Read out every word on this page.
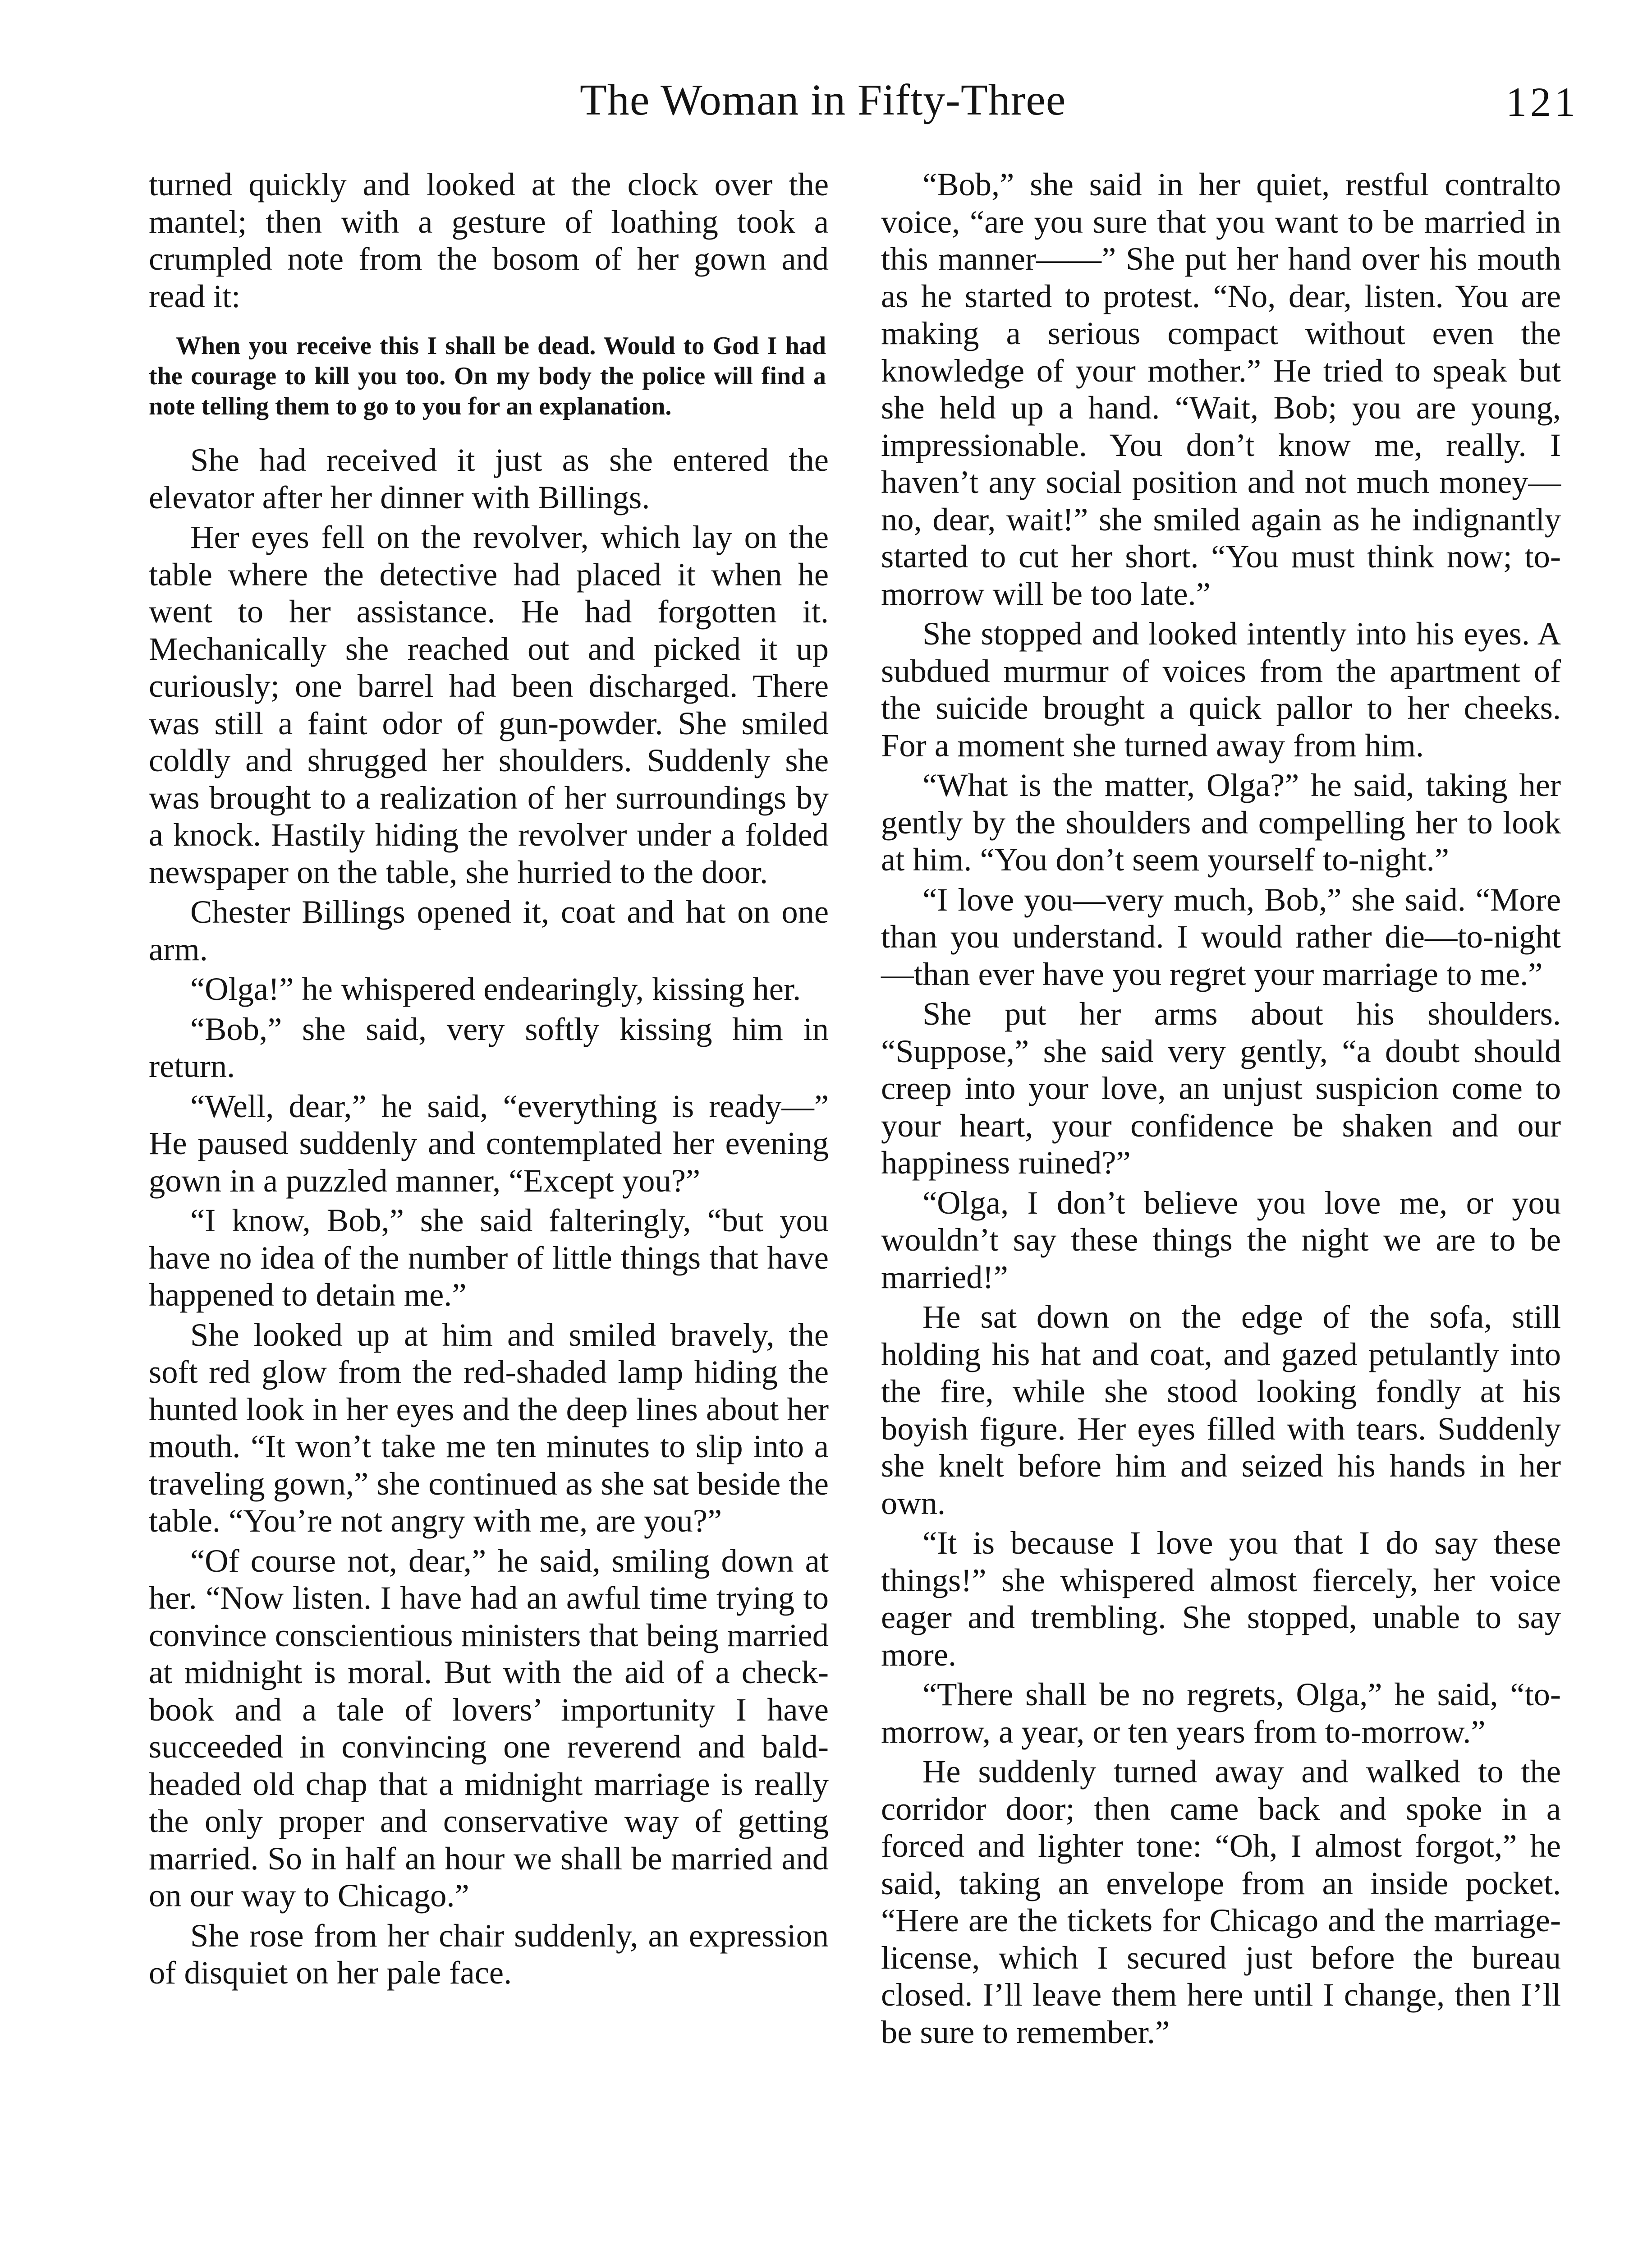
The Woman in Fifty-Three	121

turned quickly and looked at the clock over the mantel; then with a gesture of loathing took a crumpled note from the bosom of her gown and read it:

When you receive this I shall be dead. Would to God I had the courage to kill you too. On my body the police will find a note telling them to go to you for an explanation.

She had received it just as she entered the elevator after her dinner with Billings.

Her eyes fell on the revolver, which lay on the table where the detective had placed it when he went to her assistance. He had forgotten it. Mechanically she reached out and picked it up curiously; one barrel had been discharged. There was still a faint odor of gun-powder. She smiled coldly and shrugged her shoulders. Suddenly she was brought to a realization of her surroundings by a knock. Hastily hiding the revolver under a folded newspaper on the table, she hurried to the door.

Chester Billings opened it, coat and hat on one arm.

“Olga!” he whispered endearingly, kissing her.

“Bob,” she said, very softly kissing him in return.

“Well, dear,” he said, “everything is ready—” He paused suddenly and contemplated her evening gown in a puzzled manner, “Except you?”

“I know, Bob,” she said falteringly, “but you have no idea of the number of little things that have happened to detain me.”

She looked up at him and smiled bravely, the soft red glow from the red-shaded lamp hiding the hunted look in her eyes and the deep lines about her mouth. “It won’t take me ten minutes to slip into a traveling gown,” she continued as she sat beside the table. “You’re not angry with me, are you?”

“Of course not, dear,” he said, smiling down at her. “Now listen. I have had an awful time trying to convince conscientious ministers that being married at midnight is moral. But with the aid of a check-book and a tale of lovers’ importunity I have succeeded in convincing one reverend and bald-headed old chap that a midnight marriage is really the only proper and conservative way of getting married. So in half an hour we shall be married and on our way to Chicago.”

She rose from her chair suddenly, an expression of disquiet on her pale face.

“Bob,” she said in her quiet, restful contralto voice, “are you sure that you want to be married in this manner——” She put her hand over his mouth as he started to protest. “No, dear, listen. You are making a serious compact without even the knowledge of your mother.” He tried to speak but she held up a hand. “Wait, Bob; you are young, impressionable. You don’t know me, really. I haven’t any social position and not much money—no, dear, wait!” she smiled again as he indignantly started to cut her short. “You must think now; to-morrow will be too late.”

She stopped and looked intently into his eyes. A subdued murmur of voices from the apartment of the suicide brought a quick pallor to her cheeks. For a moment she turned away from him.

“What is the matter, Olga?” he said, taking her gently by the shoulders and compelling her to look at him. “You don’t seem yourself to-night.”

“I love you—very much, Bob,” she said. “More than you understand. I would rather die—to-night—than ever have you regret your marriage to me.”

She put her arms about his shoulders. “Suppose,” she said very gently, “a doubt should creep into your love, an unjust suspicion come to your heart, your confidence be shaken and our happiness ruined?”

“Olga, I don’t believe you love me, or you wouldn’t say these things the night we are to be married!”

He sat down on the edge of the sofa, still holding his hat and coat, and gazed petulantly into the fire, while she stood looking fondly at his boyish figure. Her eyes filled with tears. Suddenly she knelt before him and seized his hands in her own.

“It is because I love you that I do say these things!” she whispered almost fiercely, her voice eager and trembling. She stopped, unable to say more.

“There shall be no regrets, Olga,” he said, “to-morrow, a year, or ten years from to-morrow.”

He suddenly turned away and walked to the corridor door; then came back and spoke in a forced and lighter tone: “Oh, I almost forgot,” he said, taking an envelope from an inside pocket. “Here are the tickets for Chicago and the marriage-license, which I secured just before the bureau closed. I’ll leave them here until I change, then I’ll be sure to remember.”
